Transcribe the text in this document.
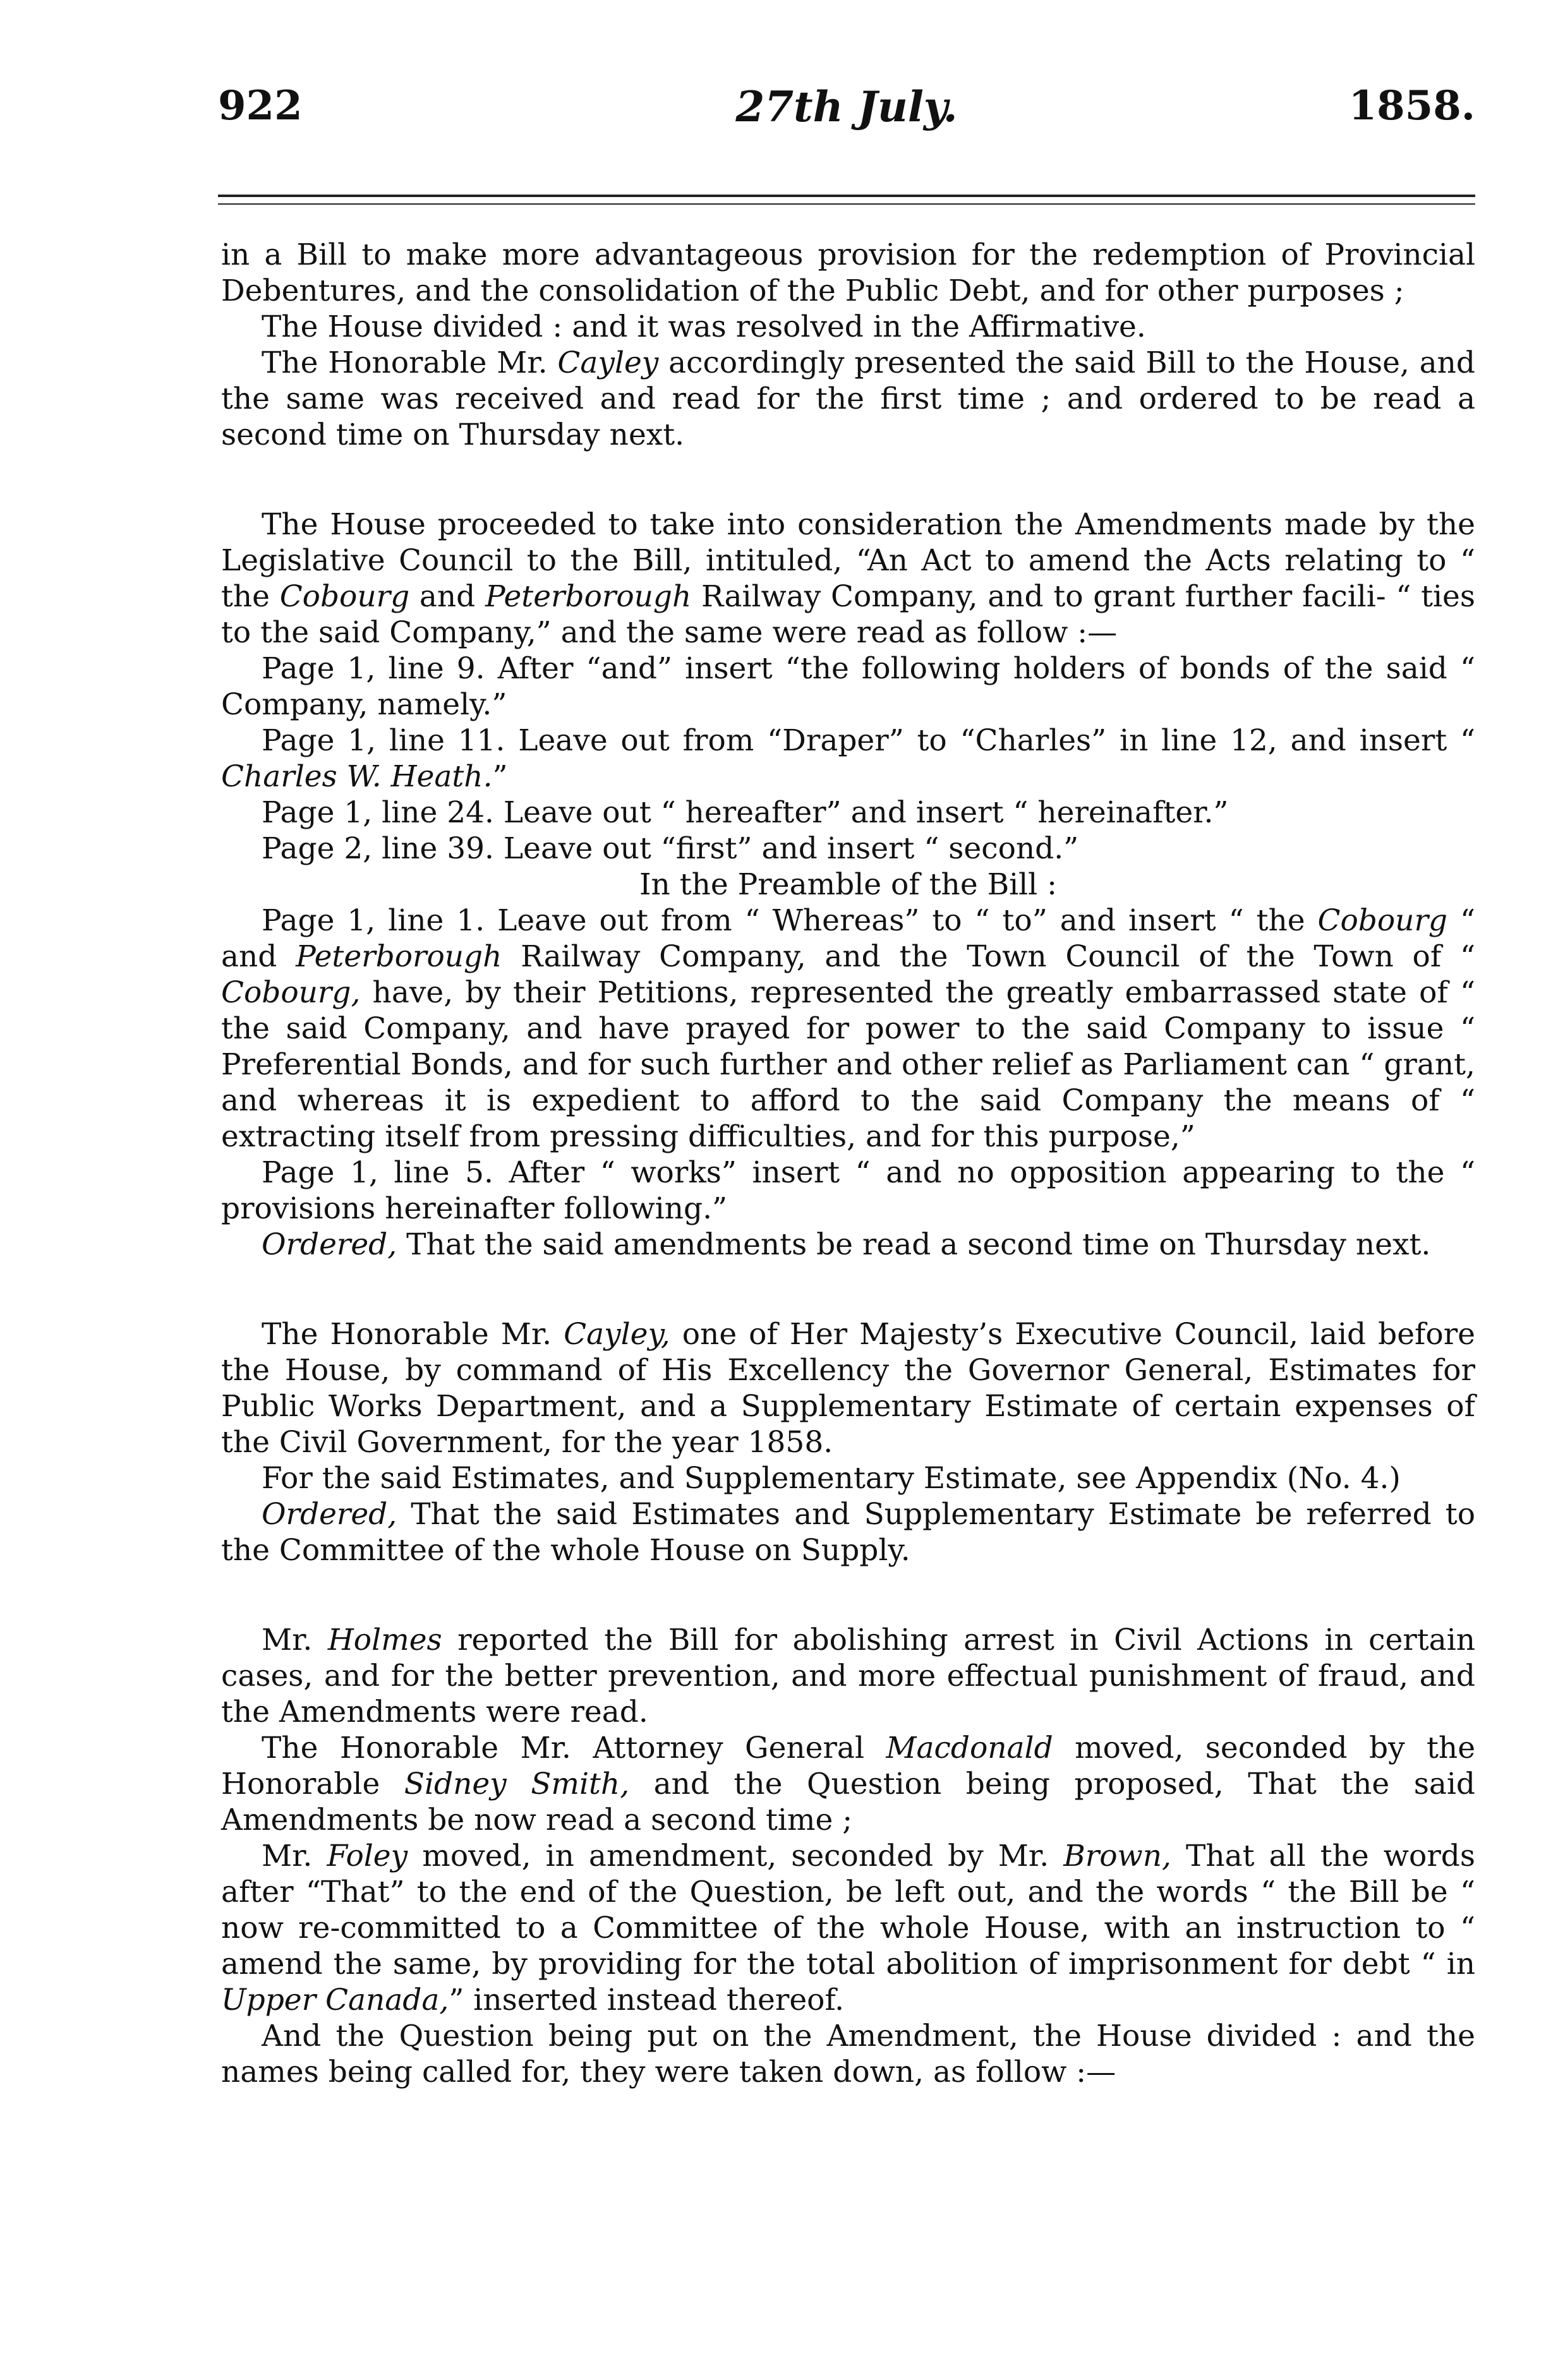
922	27th July.	1858.

in a Bill to make more advantageous provision for the redemption of Provincial Debentures, and the consolidation of the Public Debt, and for other purposes ;

The House divided : and it was resolved in the Affirmative.

The Honorable Mr. Cayley accordingly presented the said Bill to the House, and the same was received and read for the first time ; and ordered to be read a second time on Thursday next.

The House proceeded to take into consideration the Amendments made by the Legislative Council to the Bill, intituled, “An Act to amend the Acts relating to “ the Cobourg and Peterborough Railway Company, and to grant further facili- “ ties to the said Company,” and the same were read as follow :—

Page 1, line 9. After “and” insert “the following holders of bonds of the said “ Company, namely.”

Page 1, line 11. Leave out from “Draper” to “Charles” in line 12, and insert “ Charles W. Heath.”

Page 1, line 24. Leave out “ hereafter” and insert “ hereinafter.”

Page 2, line 39. Leave out “first” and insert “ second.”

In the Preamble of the Bill :

Page 1, line 1. Leave out from “ Whereas” to “ to” and insert “ the Cobourg “ and Peterborough Railway Company, and the Town Council of the Town of “ Cobourg, have, by their Petitions, represented the greatly embarrassed state of “ the said Company, and have prayed for power to the said Company to issue “ Preferential Bonds, and for such further and other relief as Parliament can “ grant, and whereas it is expedient to afford to the said Company the means of “ extracting itself from pressing difficulties, and for this purpose,”

Page 1, line 5. After “ works” insert “ and no opposition appearing to the “ provisions hereinafter following.”

Ordered, That the said amendments be read a second time on Thursday next.

The Honorable Mr. Cayley, one of Her Majesty’s Executive Council, laid before the House, by command of His Excellency the Governor General, Estimates for Public Works Department, and a Supplementary Estimate of certain expenses of the Civil Government, for the year 1858.

For the said Estimates, and Supplementary Estimate, see Appendix (No. 4.)

Ordered, That the said Estimates and Supplementary Estimate be referred to the Committee of the whole House on Supply.

Mr. Holmes reported the Bill for abolishing arrest in Civil Actions in certain cases, and for the better prevention, and more effectual punishment of fraud, and the Amendments were read.

The Honorable Mr. Attorney General Macdonald moved, seconded by the Honorable Sidney Smith, and the Question being proposed, That the said Amendments be now read a second time ;

Mr. Foley moved, in amendment, seconded by Mr. Brown, That all the words after “That” to the end of the Question, be left out, and the words “ the Bill be “ now re-committed to a Committee of the whole House, with an instruction to “ amend the same, by providing for the total abolition of imprisonment for debt “ in Upper Canada,” inserted instead thereof.

And the Question being put on the Amendment, the House divided : and the names being called for, they were taken down, as follow :—
